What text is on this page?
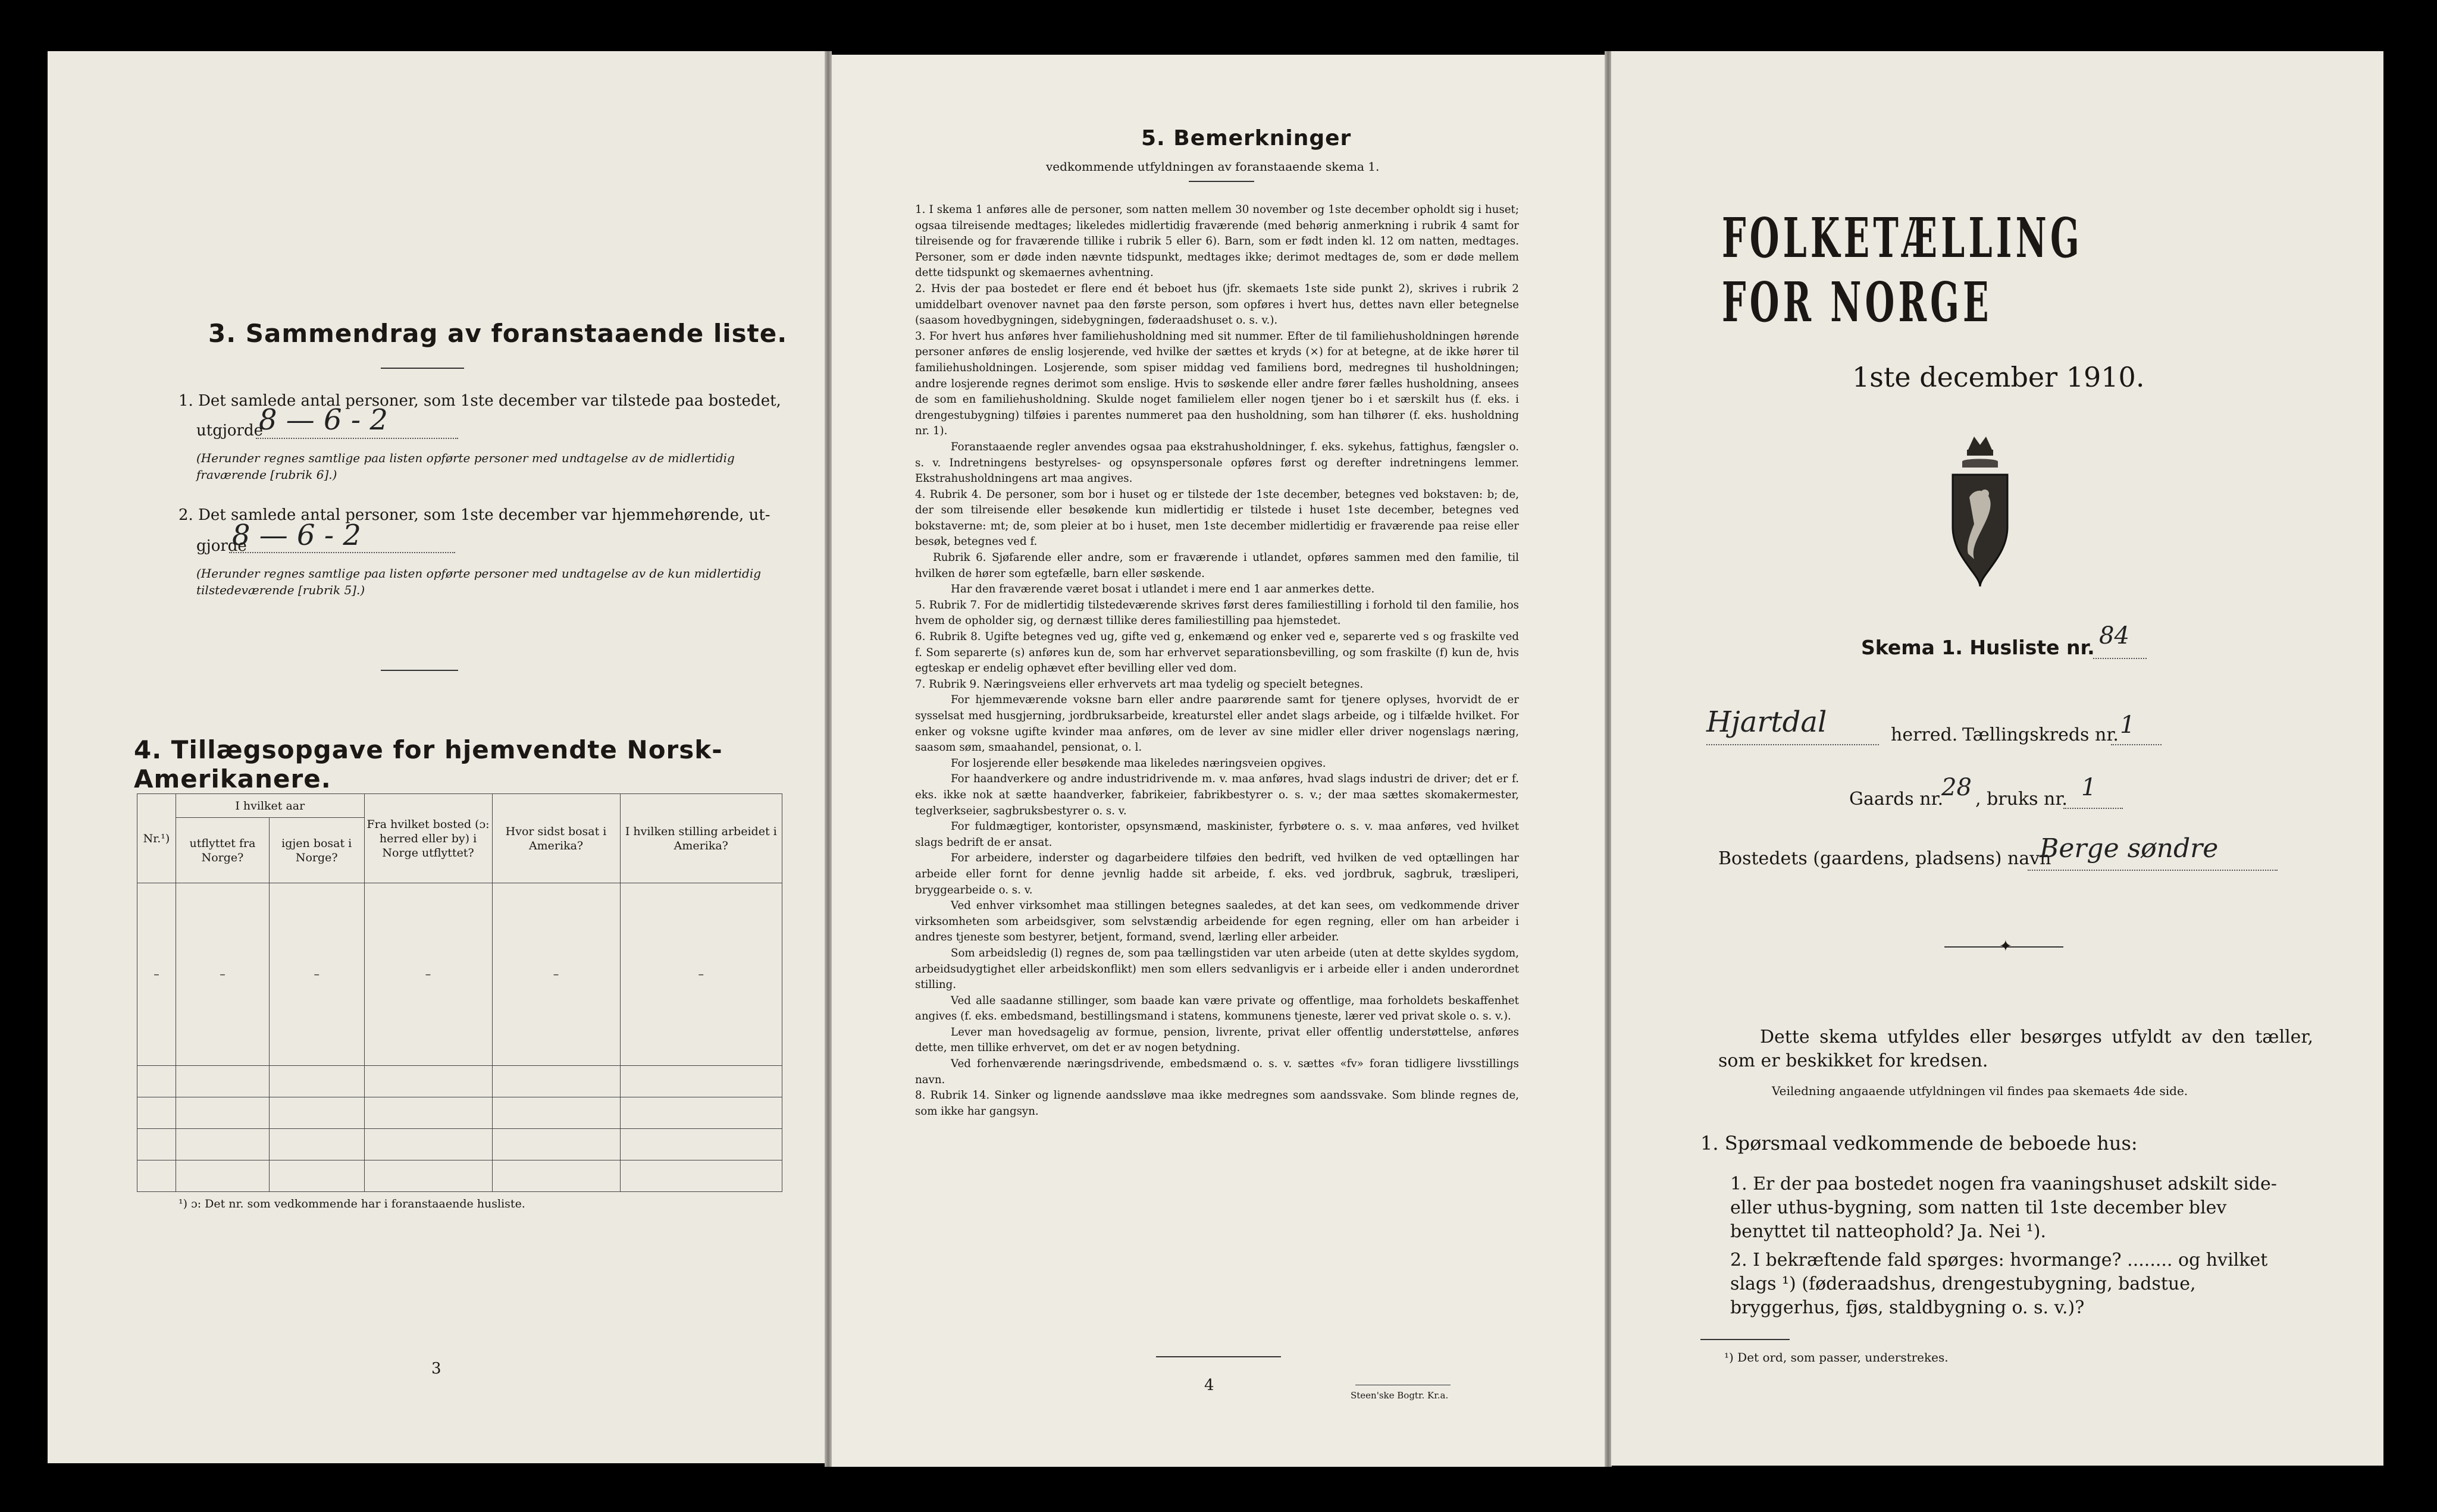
3. Sammendrag av foranstaaende liste.
1. Det samlede antal personer, som 1ste december var tilstede paa bostedet,
utgjorde
8 — 6 - 2
(Herunder regnes samtlige paa listen opførte personer med undtagelse av de midlertidig fraværende [rubrik 6].)
2. Det samlede antal personer, som 1ste december var hjemmehørende, ut-
gjorde
8 — 6 - 2
(Herunder regnes samtlige paa listen opførte personer med undtagelse av de kun midlertidig tilstedeværende [rubrik 5].)
4. Tillægsopgave for hjemvendte Norsk-Amerikanere.
Nr.¹)	I hvilket aar		Fra hvilket bosted (ɔ: herred eller by) i Norge utflyttet?	Hvor sidst bosat i Amerika?	I hvilken stilling arbeidet i Amerika?
	utflyttet fra Norge?	igjen bosat i Norge?			
–	–	–	–	–	–

¹) ɔ: Det nr. som vedkommende har i foranstaaende husliste.
3
5. Bemerkninger
vedkommende utfyldningen av foranstaaende skema 1.

1. I skema 1 anføres alle de personer, som natten mellem 30 november og 1ste december opholdt sig i huset; ogsaa tilreisende medtages; likeledes midlertidig fraværende (med behørig anmerkning i rubrik 4 samt for tilreisende og for fraværende tillike i rubrik 5 eller 6). Barn, som er født inden kl. 12 om natten, medtages. Personer, som er døde inden nævnte tidspunkt, medtages ikke; derimot medtages de, som er døde mellem dette tidspunkt og skemaernes avhentning.

2. Hvis der paa bostedet er flere end ét beboet hus (jfr. skemaets 1ste side punkt 2), skrives i rubrik 2 umiddelbart ovenover navnet paa den første person, som opføres i hvert hus, dettes navn eller betegnelse (saasom hovedbygningen, sidebygningen, føderaadshuset o. s. v.).

3. For hvert hus anføres hver familiehusholdning med sit nummer. Efter de til familiehusholdningen hørende personer anføres de enslig losjerende, ved hvilke der sættes et kryds (×) for at betegne, at de ikke hører til familiehusholdningen. Losjerende, som spiser middag ved familiens bord, medregnes til husholdningen; andre losjerende regnes derimot som enslige. Hvis to søskende eller andre fører fælles husholdning, ansees de som en familiehusholdning. Skulde noget familielem eller nogen tjener bo i et særskilt hus (f. eks. i drengestubygning) tilføies i parentes nummeret paa den husholdning, som han tilhører (f. eks. husholdning nr. 1).

Foranstaaende regler anvendes ogsaa paa ekstrahusholdninger, f. eks. sykehus, fattighus, fængsler o. s. v. Indretningens bestyrelses- og opsynspersonale opføres først og derefter indretningens lemmer. Ekstrahusholdningens art maa angives.

4. Rubrik 4. De personer, som bor i huset og er tilstede der 1ste december, betegnes ved bokstaven: b; de, der som tilreisende eller besøkende kun midlertidig er tilstede i huset 1ste december, betegnes ved bokstaverne: mt; de, som pleier at bo i huset, men 1ste december midlertidig er fraværende paa reise eller besøk, betegnes ved f.

Rubrik 6. Sjøfarende eller andre, som er fraværende i utlandet, opføres sammen med den familie, til hvilken de hører som egtefælle, barn eller søskende.

Har den fraværende været bosat i utlandet i mere end 1 aar anmerkes dette.

5. Rubrik 7. For de midlertidig tilstedeværende skrives først deres familiestilling i forhold til den familie, hos hvem de opholder sig, og dernæst tillike deres familiestilling paa hjemstedet.

6. Rubrik 8. Ugifte betegnes ved ug, gifte ved g, enkemænd og enker ved e, separerte ved s og fraskilte ved f. Som separerte (s) anføres kun de, som har erhvervet separationsbevilling, og som fraskilte (f) kun de, hvis egteskap er endelig ophævet efter bevilling eller ved dom.

7. Rubrik 9. Næringsveiens eller erhvervets art maa tydelig og specielt betegnes.

For hjemmeværende voksne barn eller andre paarørende samt for tjenere oplyses, hvorvidt de er sysselsat med husgjerning, jordbruksarbeide, kreaturstel eller andet slags arbeide, og i tilfælde hvilket. For enker og voksne ugifte kvinder maa anføres, om de lever av sine midler eller driver nogenslags næring, saasom søm, smaahandel, pensionat, o. l.

For losjerende eller besøkende maa likeledes næringsveien opgives.

For haandverkere og andre industridrivende m. v. maa anføres, hvad slags industri de driver; det er f. eks. ikke nok at sætte haandverker, fabrikeier, fabrikbestyrer o. s. v.; der maa sættes skomakermester, teglverkseier, sagbruksbestyrer o. s. v.

For fuldmægtiger, kontorister, opsynsmænd, maskinister, fyrbøtere o. s. v. maa anføres, ved hvilket slags bedrift de er ansat.

For arbeidere, inderster og dagarbeidere tilføies den bedrift, ved hvilken de ved optællingen har arbeide eller fornt for denne jevnlig hadde sit arbeide, f. eks. ved jordbruk, sagbruk, træsliperi, bryggearbeide o. s. v.

Ved enhver virksomhet maa stillingen betegnes saaledes, at det kan sees, om vedkommende driver virksomheten som arbeidsgiver, som selvstændig arbeidende for egen regning, eller om han arbeider i andres tjeneste som bestyrer, betjent, formand, svend, lærling eller arbeider.

Som arbeidsledig (l) regnes de, som paa tællingstiden var uten arbeide (uten at dette skyldes sygdom, arbeidsudygtighet eller arbeidskonflikt) men som ellers sedvanligvis er i arbeide eller i anden underordnet stilling.

Ved alle saadanne stillinger, som baade kan være private og offentlige, maa forholdets beskaffenhet angives (f. eks. embedsmand, bestillingsmand i statens, kommunens tjeneste, lærer ved privat skole o. s. v.).

Lever man hovedsagelig av formue, pension, livrente, privat eller offentlig understøttelse, anføres dette, men tillike erhvervet, om det er av nogen betydning.

Ved forhenværende næringsdrivende, embedsmænd o. s. v. sættes «fv» foran tidligere livsstillings navn.

8. Rubrik 14. Sinker og lignende aandssløve maa ikke medregnes som aandssvake. Som blinde regnes de, som ikke har gangsyn.

4
Steen'ske Bogtr. Kr.a.
FOLKETÆLLING FOR NORGE
1ste december 1910.
Skema 1. Husliste nr. 84
Hjartdal	herred. Tællingskreds nr. 1
Gaards nr.
28 , bruks nr. 1
Bostedets (gaardens, pladsens) navn
Berge søndre
✦
Dette skema utfyldes eller besørges utfyldt av den tæller, som er beskikket for kredsen.
Veiledning angaaende utfyldningen vil findes paa skemaets 4de side.
1. Spørsmaal vedkommende de beboede hus:
1. Er der paa bostedet nogen fra vaaningshuset adskilt side- eller uthus-bygning, som natten til 1ste december blev benyttet til natteophold? Ja. Nei ¹).
2. I bekræftende fald spørges: hvormange? ........ og hvilket slags ¹) (føderaadshus, drengestubygning, badstue, bryggerhus, fjøs, staldbygning o. s. v.)?
¹) Det ord, som passer, understrekes.
